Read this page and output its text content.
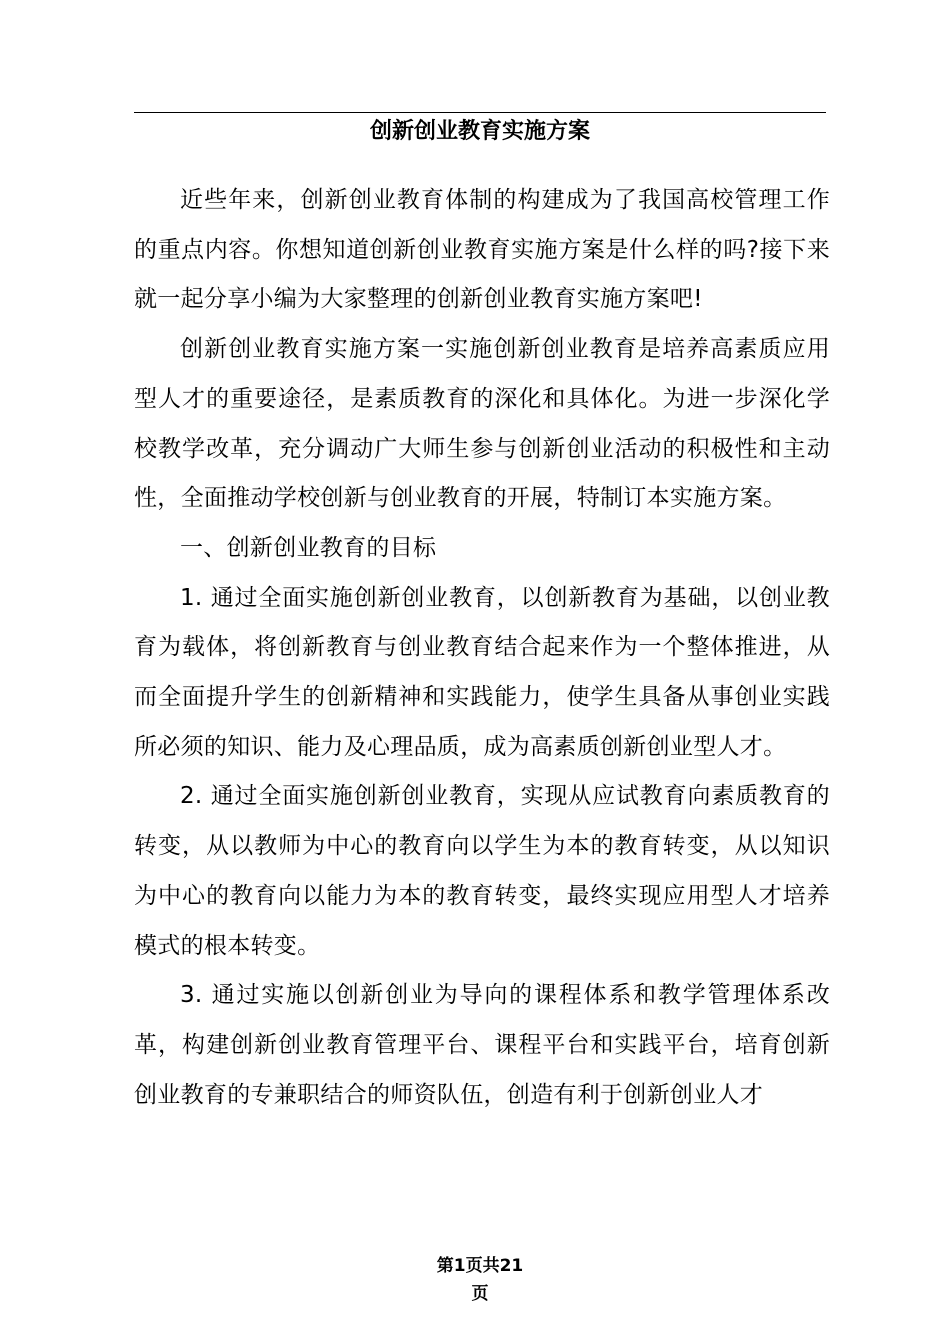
创新创业教育实施方案

近些年来，创新创业教育体制的构建成为了我国高校管理工作的重点内容。你想知道创新创业教育实施方案是什么样的吗?接下来就一起分享小编为大家整理的创新创业教育实施方案吧!

创新创业教育实施方案一实施创新创业教育是培养高素质应用型人才的重要途径，是素质教育的深化和具体化。为进一步深化学校教学改革，充分调动广大师生参与创新创业活动的积极性和主动性，全面推动学校创新与创业教育的开展，特制订本实施方案。

一、创新创业教育的目标

1. 通过全面实施创新创业教育，以创新教育为基础，以创业教育为载体，将创新教育与创业教育结合起来作为一个整体推进，从而全面提升学生的创新精神和实践能力，使学生具备从事创业实践所必须的知识、能力及心理品质，成为高素质创新创业型人才。

2. 通过全面实施创新创业教育，实现从应试教育向素质教育的转变，从以教师为中心的教育向以学生为本的教育转变，从以知识为中心的教育向以能力为本的教育转变，最终实现应用型人才培养模式的根本转变。

3. 通过实施以创新创业为导向的课程体系和教学管理体系改革，构建创新创业教育管理平台、课程平台和实践平台，培育创新创业教育的专兼职结合的师资队伍，创造有利于创新创业人才

第1页共21
页
